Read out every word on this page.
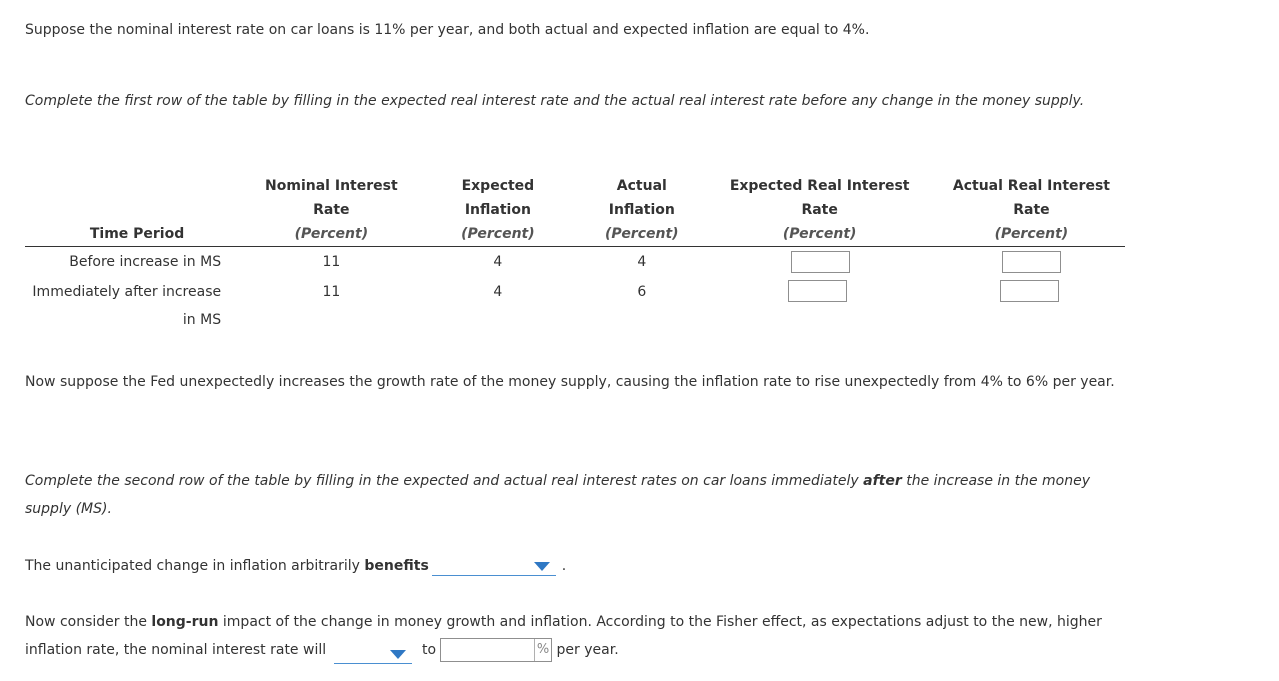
Suppose the nominal interest rate on car loans is 11% per year, and both actual and expected inflation are equal to 4%.

Complete the first row of the table by filling in the expected real interest rate and the actual real interest rate before any change in the money supply.

	Nominal Interest	Expected	Actual	Expected Real Interest	Actual Real Interest
	Rate	Inflation	Inflation	Rate	Rate
Time Period	(Percent)	(Percent)	(Percent)	(Percent)	(Percent)
Before increase in MS	11	4	4		

Immediately after increase
in MS	11	4	6		

Now suppose the Fed unexpectedly increases the growth rate of the money supply, causing the inflation rate to rise unexpectedly from 4% to 6% per year.

Complete the second row of the table by filling in the expected and actual real interest rates on car loans immediately after the increase in the money supply (MS).

The unanticipated change in inflation arbitrarily benefits	.

Now consider the long-run impact of the change in money growth and inflation. According to the Fisher effect, as expectations adjust to the new, higher inflation rate, the nominal interest rate will	to	% per year.
